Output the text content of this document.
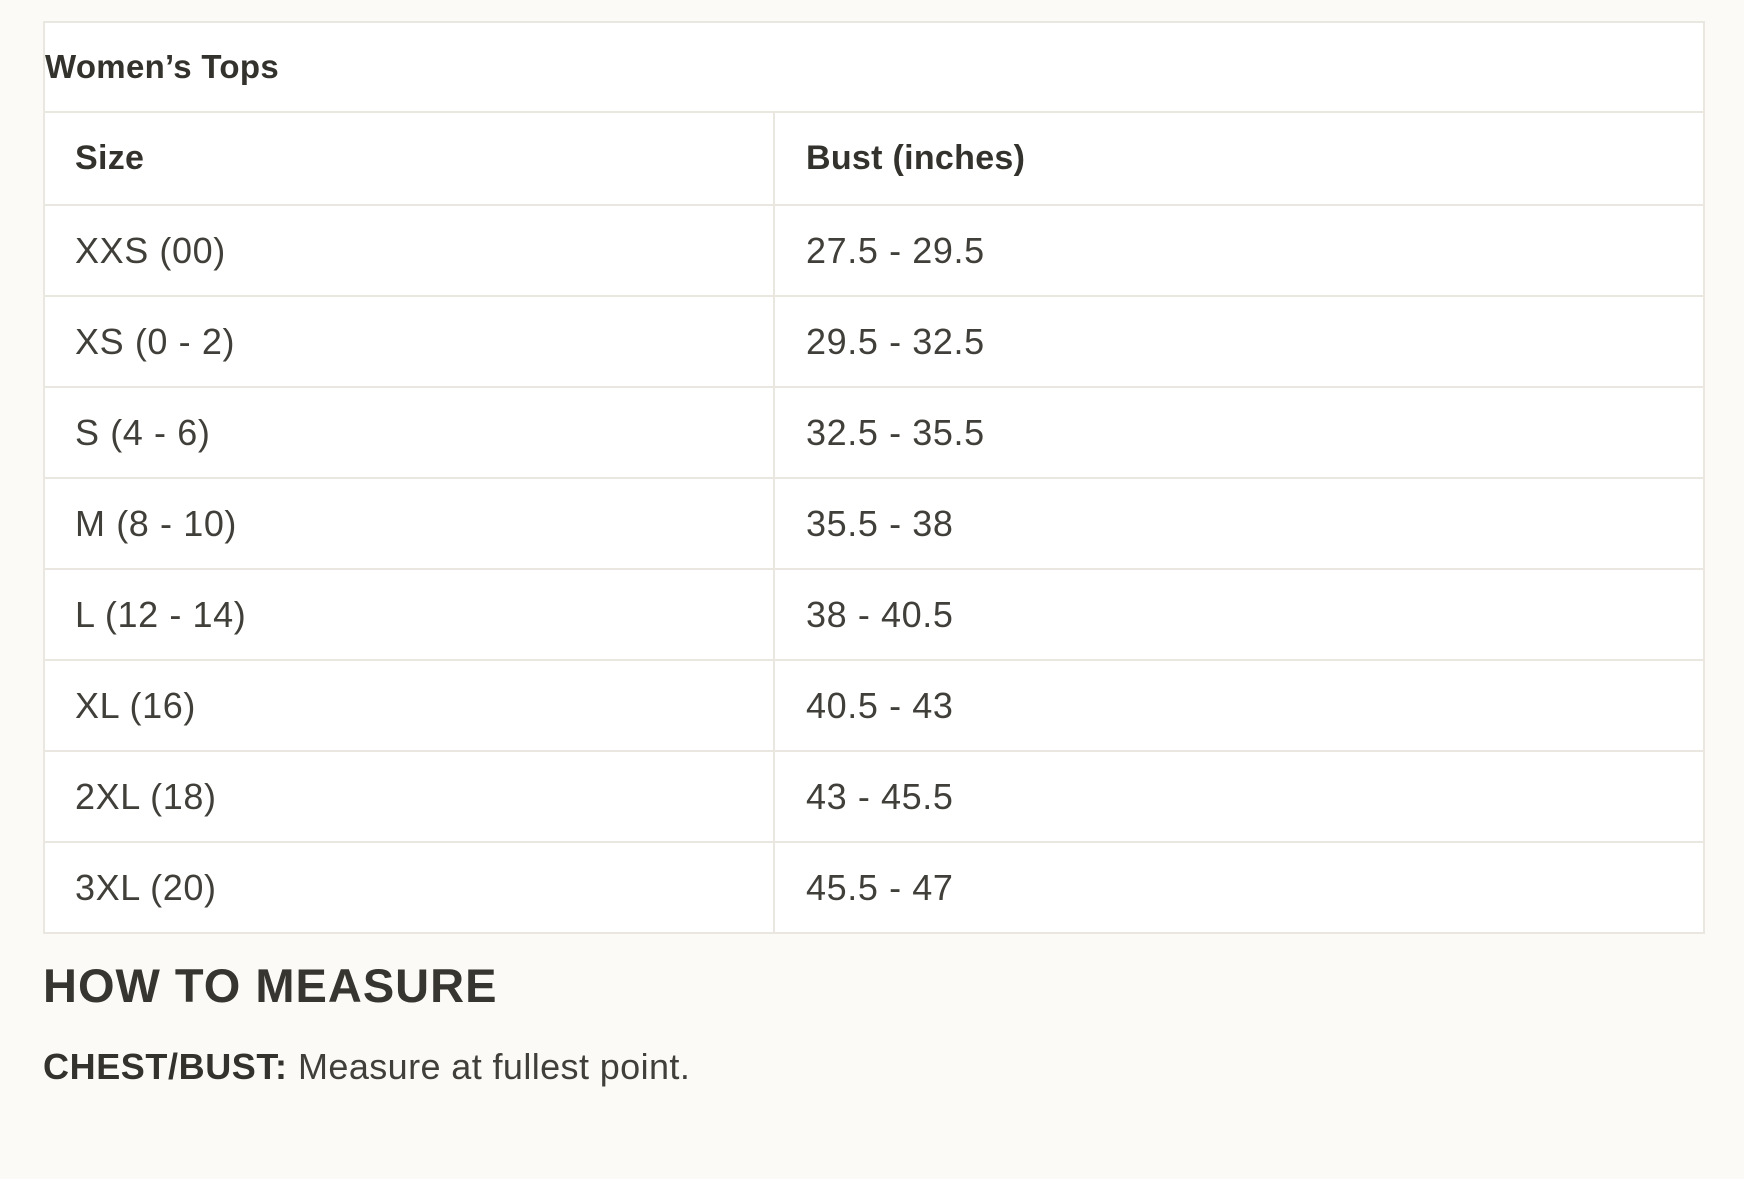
Women’s Tops	
Size	Bust (inches)
XXS (00)	27.5 - 29.5
XS (0 - 2)	29.5 - 32.5
S (4 - 6)	32.5 - 35.5
M (8 - 10)	35.5 - 38
L (12 - 14)	38 - 40.5
XL (16)	40.5 - 43
2XL (18)	43 - 45.5
3XL (20)	45.5 - 47
HOW TO MEASURE

CHEST/BUST: Measure at fullest point.
